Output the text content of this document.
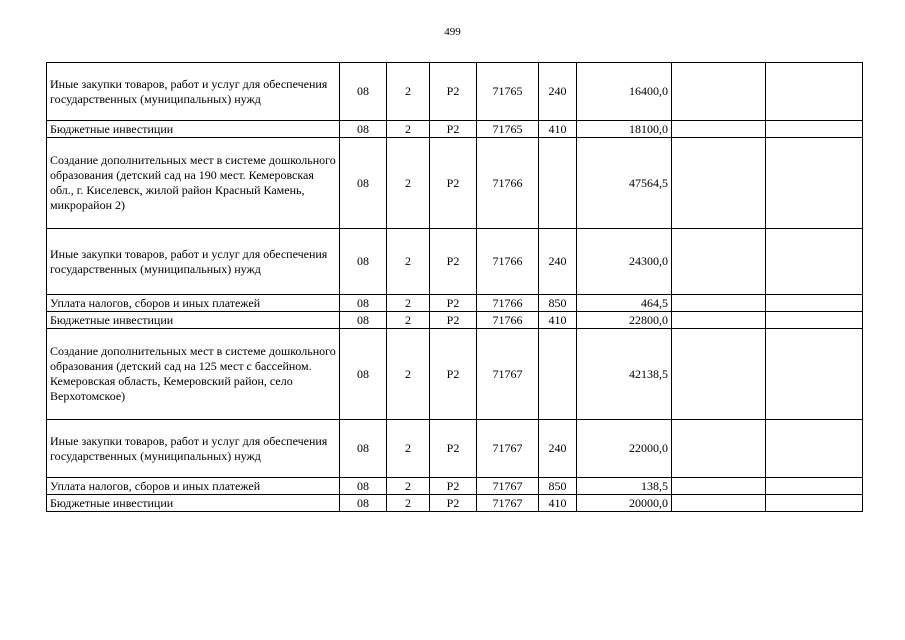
499
Иные закупки товаров, работ и услуг для обеспечения государственных (муниципальных) нужд	08	2	P2	71765	240	16400,0		
Бюджетные инвестиции	08	2	P2	71765	410	18100,0		
Создание дополнительных мест в системе дошкольного образования (детский сад на 190 мест. Кемеровская обл., г. Киселевск, жилой район Красный Камень, микрорайон 2)	08	2	P2	71766		47564,5		
Иные закупки товаров, работ и услуг для обеспечения государственных (муниципальных) нужд	08	2	P2	71766	240	24300,0		
Уплата налогов, сборов и иных платежей	08	2	P2	71766	850	464,5		
Бюджетные инвестиции	08	2	P2	71766	410	22800,0		
Создание дополнительных мест в системе дошкольного образования (детский сад на 125 мест с бассейном. Кемеровская область, Кемеровский район, село Верхотомское)	08	2	P2	71767		42138,5		
Иные закупки товаров, работ и услуг для обеспечения государственных (муниципальных) нужд	08	2	P2	71767	240	22000,0		
Уплата налогов, сборов и иных платежей	08	2	P2	71767	850	138,5		
Бюджетные инвестиции	08	2	P2	71767	410	20000,0		
